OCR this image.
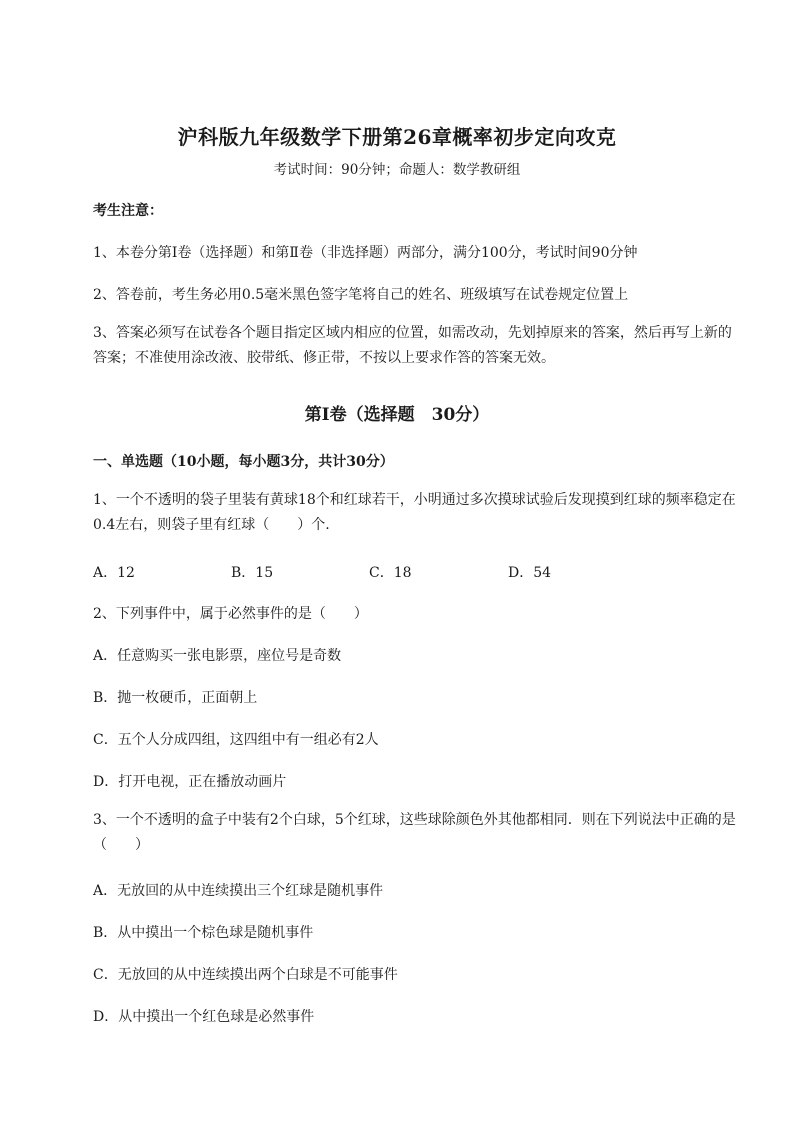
沪科版九年级数学下册第26章概率初步定向攻克
考试时间：90分钟；命题人：数学教研组
考生注意：
1、本卷分第I卷（选择题）和第Ⅱ卷（非选择题）两部分，满分100分，考试时间90分钟
2、答卷前，考生务必用0.5毫米黑色签字笔将自己的姓名、班级填写在试卷规定位置上
3、答案必须写在试卷各个题目指定区域内相应的位置，如需改动，先划掉原来的答案，然后再写上新的答案；不准使用涂改液、胶带纸、修正带，不按以上要求作答的答案无效。
第I卷（选择题　30分）
一、单选题（10小题，每小题3分，共计30分）
1、一个不透明的袋子里装有黄球18个和红球若干，小明通过多次摸球试验后发现摸到红球的频率稳定在0.4左右，则袋子里有红球（　　）个.
A．12	B．15	C．18	D．54
2、下列事件中，属于必然事件的是（　　）
A．任意购买一张电影票，座位号是奇数
B．抛一枚硬币，正面朝上
C．五个人分成四组，这四组中有一组必有2人
D．打开电视，正在播放动画片
3、一个不透明的盒子中装有2个白球，5个红球，这些球除颜色外其他都相同．则在下列说法中正确的是（　　）
A．无放回的从中连续摸出三个红球是随机事件
B．从中摸出一个棕色球是随机事件
C．无放回的从中连续摸出两个白球是不可能事件
D．从中摸出一个红色球是必然事件
